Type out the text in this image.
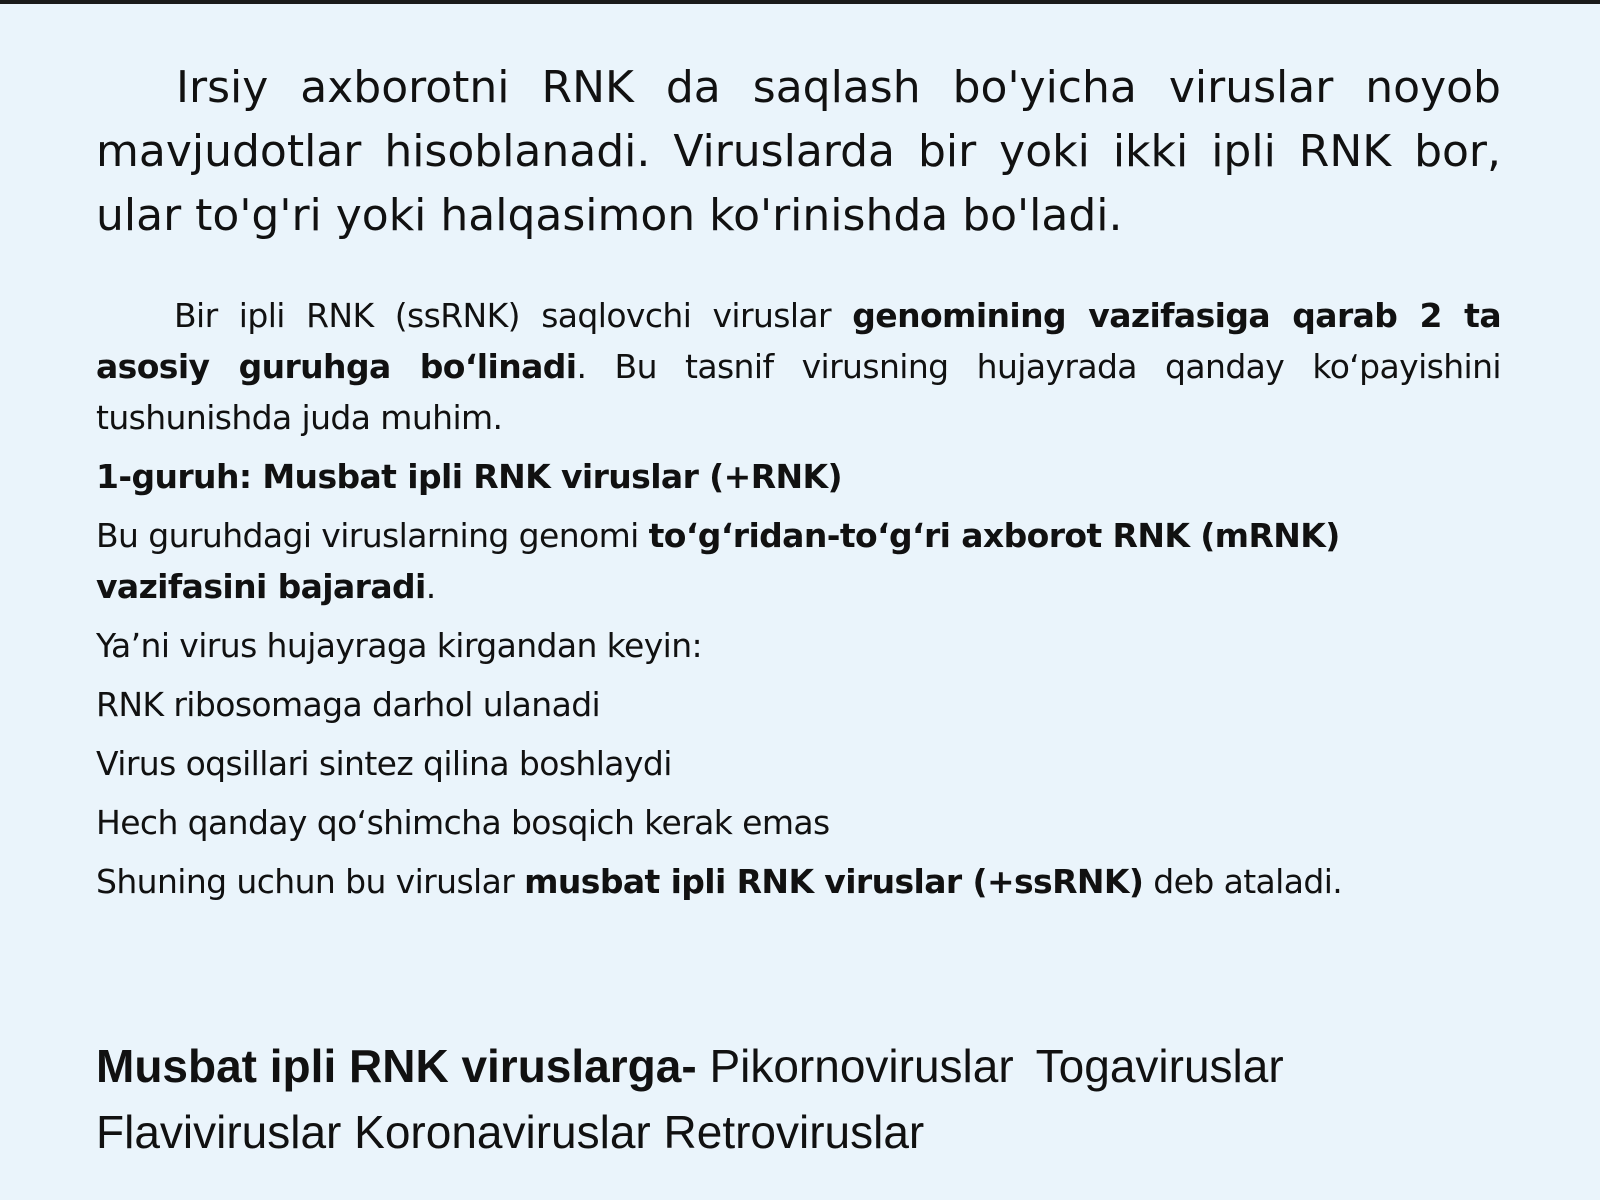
Irsiy axborotni RNK da saqlash bo'yicha viruslar noyob mavjudotlar hisoblanadi. Viruslarda bir yoki ikki ipli RNK bor, ular to'g'ri yoki halqasimon ko'rinishda bo'ladi.

Bir ipli RNK (ssRNK) saqlovchi viruslar genomining vazifasiga qarab 2 ta asosiy guruhga bo‘linadi. Bu tasnif virusning hujayrada qanday ko‘payishini tushunishda juda muhim.

1-guruh: Musbat ipli RNK viruslar (+RNK)

Bu guruhdagi viruslarning genomi to‘g‘ridan-to‘g‘ri axborot RNK (mRNK) vazifasini bajaradi.

Ya’ni virus hujayraga kirgandan keyin:

RNK ribosomaga darhol ulanadi

Virus oqsillari sintez qilina boshlaydi

Hech qanday qo‘shimcha bosqich kerak emas

Shuning uchun bu viruslar musbat ipli RNK viruslar (+ssRNK) deb ataladi.

Musbat ipli RNK viruslarga- Pikornoviruslar Togaviruslar
Flaviviruslar Koronaviruslar Retroviruslar
